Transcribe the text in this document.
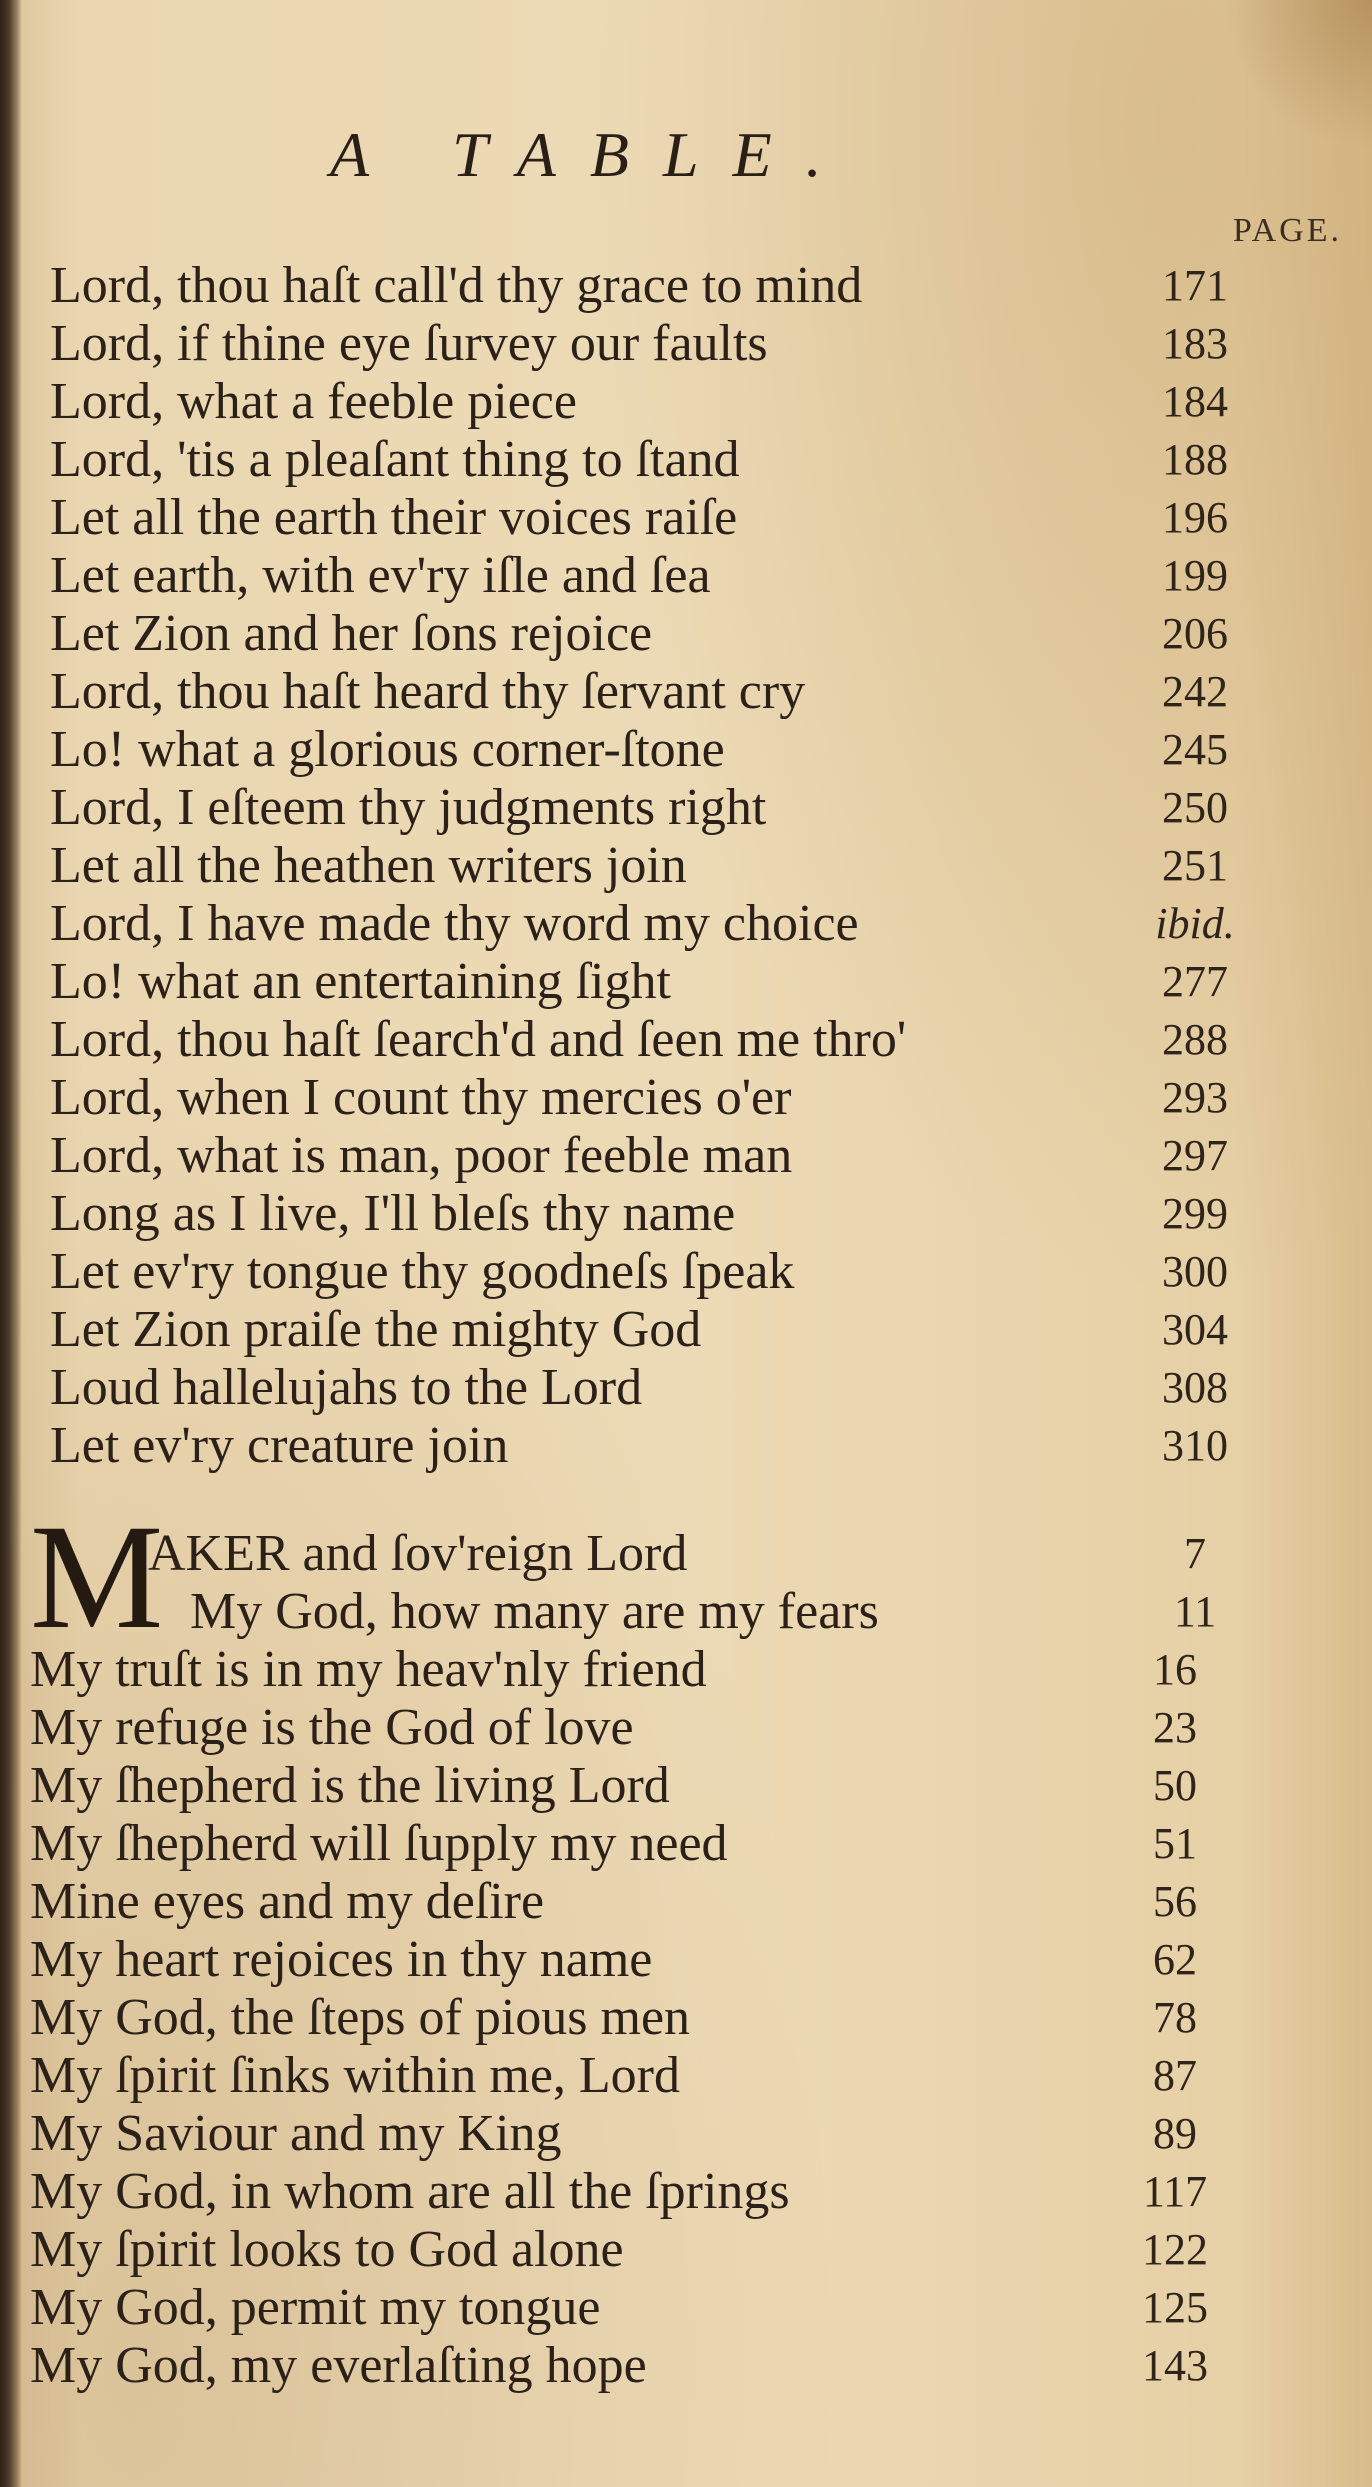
A TABLE.
PAGE.
Lord, thou haſt call'd thy grace to mind	171
Lord, if thine eye ſurvey our faults	183
Lord, what a feeble piece	184
Lord, 'tis a pleaſant thing to ſtand	188
Let all the earth their voices raiſe	196
Let earth, with ev'ry iſle and ſea	199
Let Zion and her ſons rejoice	206
Lord, thou haſt heard thy ſervant cry	242
Lo! what a glorious corner-ſtone	245
Lord, I eſteem thy judgments right	250
Let all the heathen writers join	251
Lord, I have made thy word my choice	ibid.
Lo! what an entertaining ſight	277
Lord, thou haſt ſearch'd and ſeen me thro'	288
Lord, when I count thy mercies o'er	293
Lord, what is man, poor feeble man	297
Long as I live, I'll bleſs thy name	299
Let ev'ry tongue thy goodneſs ſpeak	300
Let Zion praiſe the mighty God	304
Loud hallelujahs to the Lord	308
Let ev'ry creature join	310
M
AKER and ſov'reign Lord	7
My God, how many are my fears	11
My truſt is in my heav'nly friend	16
My refuge is the God of love	23
My ſhepherd is the living Lord	50
My ſhepherd will ſupply my need	51
Mine eyes and my deſire	56
My heart rejoices in thy name	62
My God, the ſteps of pious men	78
My ſpirit ſinks within me, Lord	87
My Saviour and my King	89
My God, in whom are all the ſprings	117
My ſpirit looks to God alone	122
My God, permit my tongue	125
My God, my everlaſting hope	143
